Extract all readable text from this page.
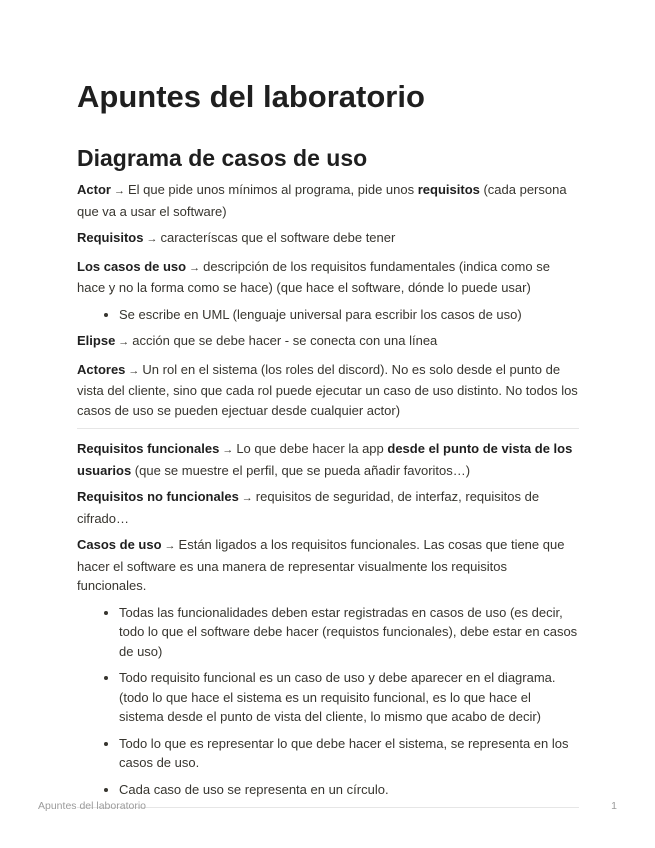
Apuntes del laboratorio
Diagrama de casos de uso

Actor → El que pide unos mínimos al programa, pide unos requisitos (cada persona que va a usar el software)

Requisitos → caracteríscas que el software debe tener

Los casos de uso → descripción de los requisitos fundamentales (indica como se hace y no la forma como se hace) (que hace el software, dónde lo puede usar)

• Se escribe en UML (lenguaje universal para escribir los casos de uso)

Elipse → acción que se debe hacer - se conecta con una línea

Actores → Un rol en el sistema (los roles del discord). No es solo desde el punto de vista del cliente, sino que cada rol puede ejecutar un caso de uso distinto. No todos los casos de uso se pueden ejectuar desde cualquier actor)

Requisitos funcionales → Lo que debe hacer la app desde el punto de vista de los usuarios (que se muestre el perfil, que se pueda añadir favoritos…)

Requisitos no funcionales → requisitos de seguridad, de interfaz, requisitos de cifrado…

Casos de uso → Están ligados a los requisitos funcionales. Las cosas que tiene que hacer el software es una manera de representar visualmente los requisitos funcionales.

• Todas las funcionalidades deben estar registradas en casos de uso (es decir, todo lo que el software debe hacer (requistos funcionales), debe estar en casos de uso)
• Todo requisito funcional es un caso de uso y debe aparecer en el diagrama. (todo lo que hace el sistema es un requisito funcional, es lo que hace el sistema desde el punto de vista del cliente, lo mismo que acabo de decir)
• Todo lo que es representar lo que debe hacer el sistema, se representa en los casos de uso.
• Cada caso de uso se representa en un círculo.
Apuntes del laboratorio	1
